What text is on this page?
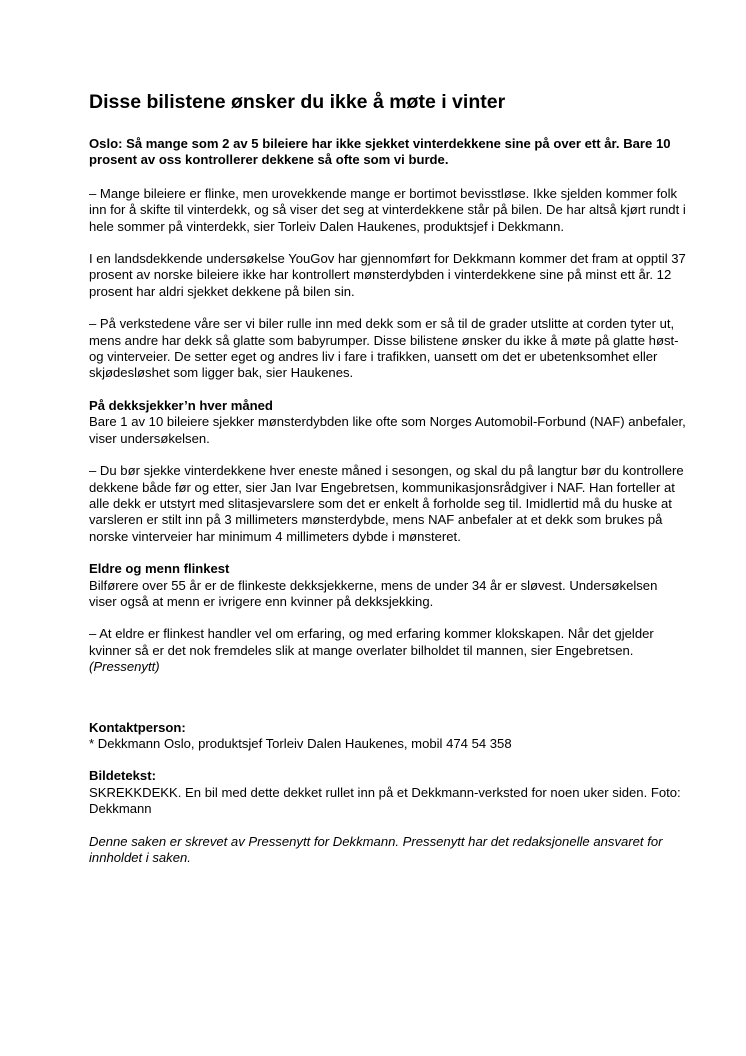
Disse bilistene ønsker du ikke å møte i vinter

Oslo: Så mange som 2 av 5 bileiere har ikke sjekket vinterdekkene sine på over ett år. Bare 10 prosent av oss kontrollerer dekkene så ofte som vi burde.

– Mange bileiere er flinke, men urovekkende mange er bortimot bevisstløse. Ikke sjelden kommer folk inn for å skifte til vinterdekk, og så viser det seg at vinterdekkene står på bilen. De har altså kjørt rundt i hele sommer på vinterdekk, sier Torleiv Dalen Haukenes, produktsjef i Dekkmann.

I en landsdekkende undersøkelse YouGov har gjennomført for Dekkmann kommer det fram at opptil 37 prosent av norske bileiere ikke har kontrollert mønsterdybden i vinterdekkene sine på minst ett år. 12 prosent har aldri sjekket dekkene på bilen sin.

– På verkstedene våre ser vi biler rulle inn med dekk som er så til de grader utslitte at corden tyter ut, mens andre har dekk så glatte som babyrumper. Disse bilistene ønsker du ikke å møte på glatte høst- og vinterveier. De setter eget og andres liv i fare i trafikken, uansett om det er ubetenksomhet eller skjødesløshet som ligger bak, sier Haukenes.

På dekksjekker’n hver måned
Bare 1 av 10 bileiere sjekker mønsterdybden like ofte som Norges Automobil-Forbund (NAF) anbefaler, viser undersøkelsen.

– Du bør sjekke vinterdekkene hver eneste måned i sesongen, og skal du på langtur bør du kontrollere dekkene både før og etter, sier Jan Ivar Engebretsen, kommunikasjonsrådgiver i NAF. Han forteller at alle dekk er utstyrt med slitasjevarslere som det er enkelt å forholde seg til. Imidlertid må du huske at varsleren er stilt inn på 3 millimeters mønsterdybde, mens NAF anbefaler at et dekk som brukes på norske vinterveier har minimum 4 millimeters dybde i mønsteret.

Eldre og menn flinkest
Bilførere over 55 år er de flinkeste dekksjekkerne, mens de under 34 år er sløvest. Undersøkelsen viser også at menn er ivrigere enn kvinner på dekksjekking.

– At eldre er flinkest handler vel om erfaring, og med erfaring kommer klokskapen. Når det gjelder kvinner så er det nok fremdeles slik at mange overlater bilholdet til mannen, sier Engebretsen.
(Pressenytt)

Kontaktperson:
* Dekkmann Oslo, produktsjef Torleiv Dalen Haukenes, mobil 474 54 358

Bildetekst:
SKREKKDEKK. En bil med dette dekket rullet inn på et Dekkmann-verksted for noen uker siden. Foto: Dekkmann

Denne saken er skrevet av Pressenytt for Dekkmann. Pressenytt har det redaksjonelle ansvaret for innholdet i saken.
